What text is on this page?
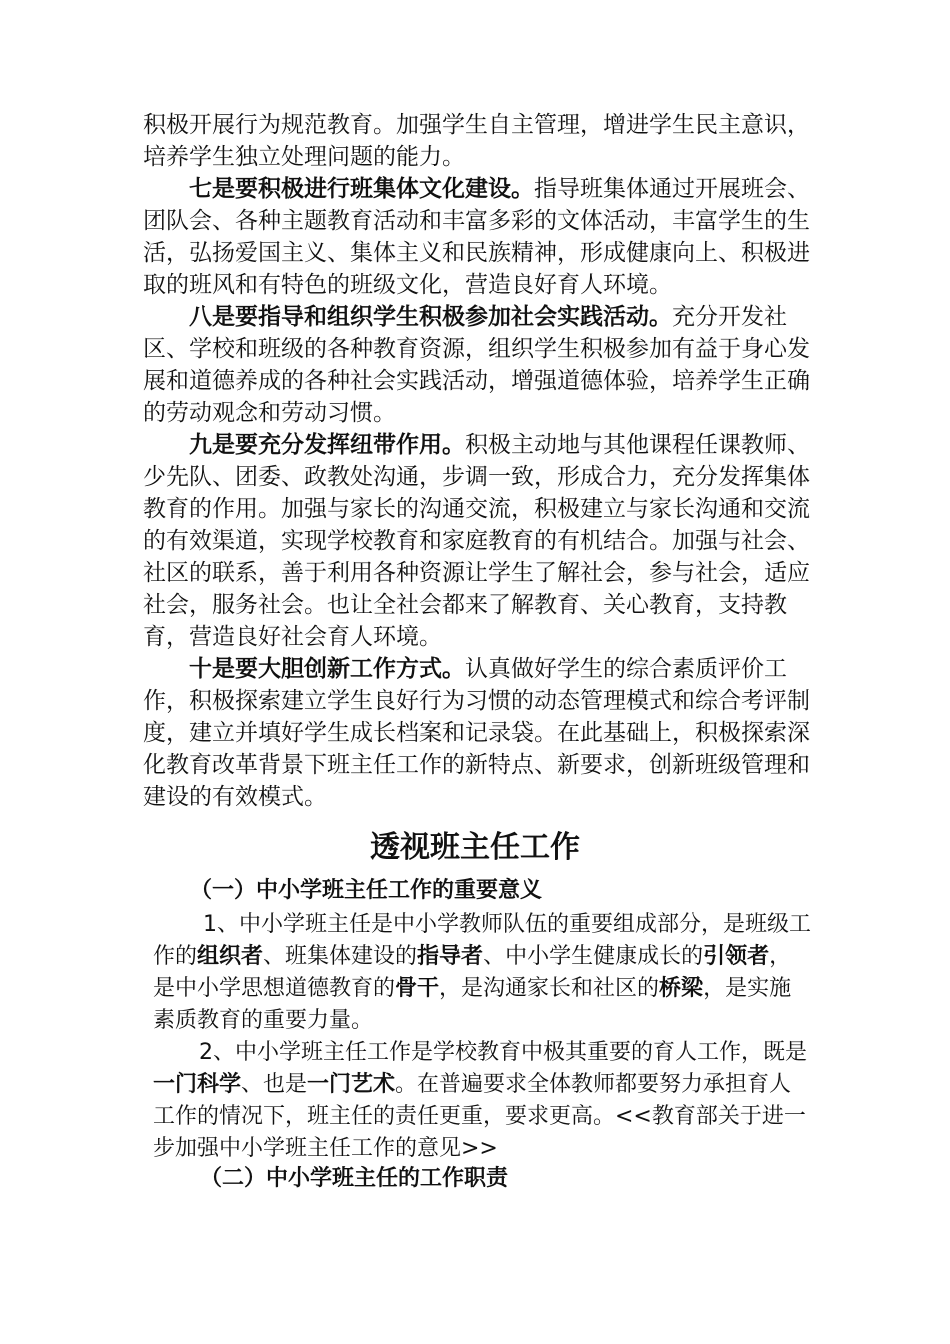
积极开展行为规范教育。加强学生自主管理，增进学生民主意识，培养学生独立处理问题的能力。

七是要积极进行班集体文化建设。指导班集体通过开展班会、团队会、各种主题教育活动和丰富多彩的文体活动，丰富学生的生活，弘扬爱国主义、集体主义和民族精神，形成健康向上、积极进取的班风和有特色的班级文化，营造良好育人环境。

八是要指导和组织学生积极参加社会实践活动。充分开发社区、学校和班级的各种教育资源，组织学生积极参加有益于身心发展和道德养成的各种社会实践活动，增强道德体验，培养学生正确的劳动观念和劳动习惯。

九是要充分发挥纽带作用。积极主动地与其他课程任课教师、少先队、团委、政教处沟通，步调一致，形成合力，充分发挥集体教育的作用。加强与家长的沟通交流，积极建立与家长沟通和交流的有效渠道，实现学校教育和家庭教育的有机结合。加强与社会、社区的联系，善于利用各种资源让学生了解社会，参与社会，适应社会，服务社会。也让全社会都来了解教育、关心教育，支持教育，营造良好社会育人环境。

十是要大胆创新工作方式。认真做好学生的综合素质评价工作，积极探索建立学生良好行为习惯的动态管理模式和综合考评制度，建立并填好学生成长档案和记录袋。在此基础上，积极探索深化教育改革背景下班主任工作的新特点、新要求，创新班级管理和建设的有效模式。

透视班主任工作
（一）中小学班主任工作的重要意义

1、中小学班主任是中小学教师队伍的重要组成部分，是班级工作的组织者、班集体建设的指导者、中小学生健康成长的引领者，是中小学思想道德教育的骨干，是沟通家长和社区的桥梁，是实施素质教育的重要力量。

2、中小学班主任工作是学校教育中极其重要的育人工作，既是一门科学、也是一门艺术。在普遍要求全体教师都要努力承担育人工作的情况下，班主任的责任更重，要求更高。<<教育部关于进一步加强中小学班主任工作的意见>>

（二）中小学班主任的工作职责
